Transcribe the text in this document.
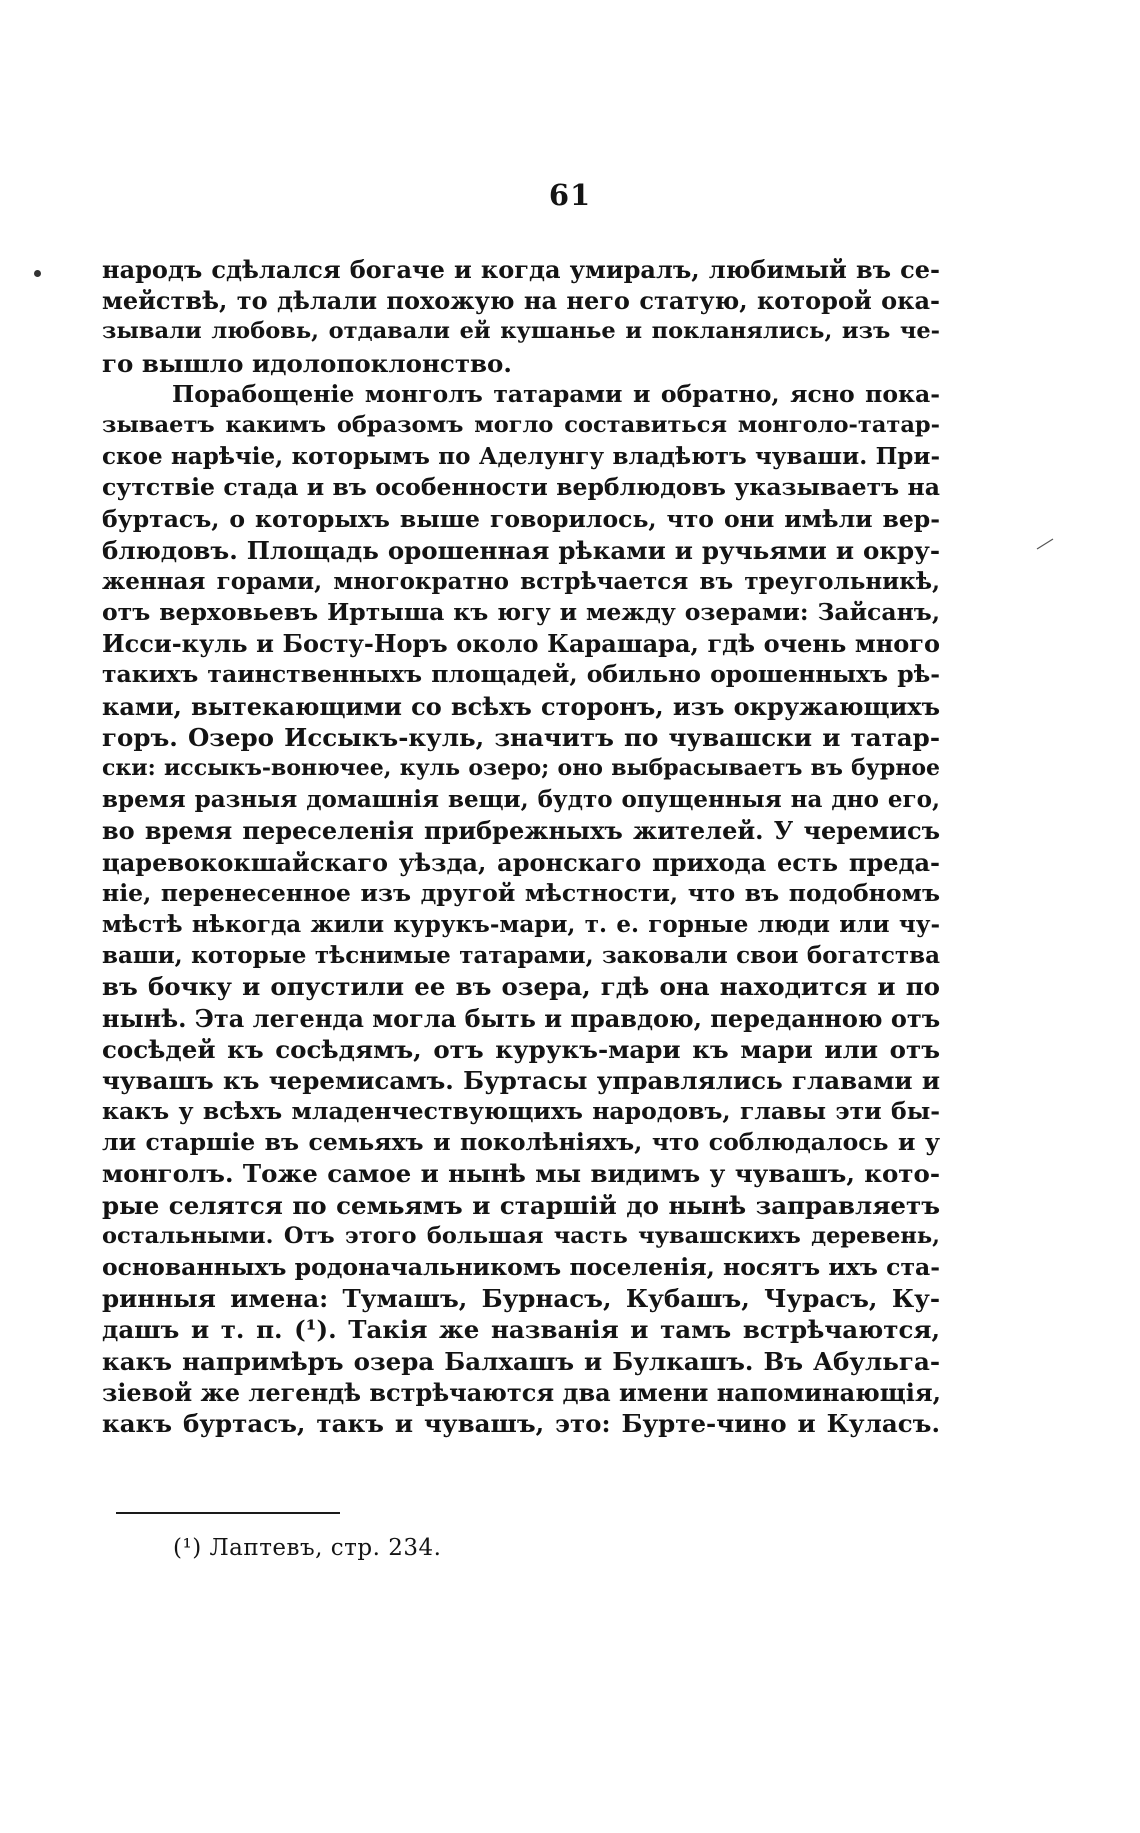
61
народъ сдѣлался богаче и когда умиралъ, любимый въ се-
мействѣ, то дѣлали похожую на него статую, которой ока-
зывали любовь, отдавали ей кушанье и покланялись, изъ че-
го вышло идолопоклонство.
Порабощеніе монголъ татарами и обратно, ясно пока-
зываетъ какимъ образомъ могло составиться монголо-татар-
ское нарѣчіе, которымъ по Аделунгу владѣютъ чуваши. При-
сутствіе стада и въ особенности верблюдовъ указываетъ на
буртасъ, о которыхъ выше говорилось, что они имѣли вер-
блюдовъ. Площадь орошенная рѣками и ручьями и окру-
женная горами, многократно встрѣчается въ треугольникѣ,
отъ верховьевъ Иртыша къ югу и между озерами: Зайсанъ,
Исси-куль и Босту-Норъ около Карашара, гдѣ очень много
такихъ таинственныхъ площадей, обильно орошенныхъ рѣ-
ками, вытекающими со всѣхъ сторонъ, изъ окружающихъ
горъ. Озеро Иссыкъ-куль, значитъ по чувашски и татар-
ски: иссыкъ-вонючее, куль озеро; оно выбрасываетъ въ бурное
время разныя домашнія вещи, будто опущенныя на дно его,
во время переселенія прибрежныхъ жителей. У черемисъ
царевококшайскаго уѣзда, аронскаго прихода есть преда-
ніе, перенесенное изъ другой мѣстности, что въ подобномъ
мѣстѣ нѣкогда жили курукъ-мари, т. е. горные люди или чу-
ваши, которые тѣснимые татарами, заковали свои богатства
въ бочку и опустили ее въ озера, гдѣ она находится и по
нынѣ. Эта легенда могла быть и правдою, переданною отъ
сосѣдей къ сосѣдямъ, отъ курукъ-мари къ мари или отъ
чувашъ къ черемисамъ. Буртасы управлялись главами и
какъ у всѣхъ младенчествующихъ народовъ, главы эти бы-
ли старшіе въ семьяхъ и поколѣніяхъ, что соблюдалось и у
монголъ. Тоже самое и нынѣ мы видимъ у чувашъ, кото-
рые селятся по семьямъ и старшій до нынѣ заправляетъ
остальными. Отъ этого большая часть чувашскихъ деревень,
основанныхъ родоначальникомъ поселенія, носятъ ихъ ста-
ринныя имена: Тумашъ, Бурнасъ, Кубашъ, Чурасъ, Ку-
дашъ и т. п. (¹). Такія же названія и тамъ встрѣчаются,
какъ напримѣръ озера Балхашъ и Булкашъ. Въ Абульга-
зіевой же легендѣ встрѣчаются два имени напоминающія,
какъ буртасъ, такъ и чувашъ, это: Бурте-чино и Куласъ.
(¹) Лаптевъ, стр. 234.
